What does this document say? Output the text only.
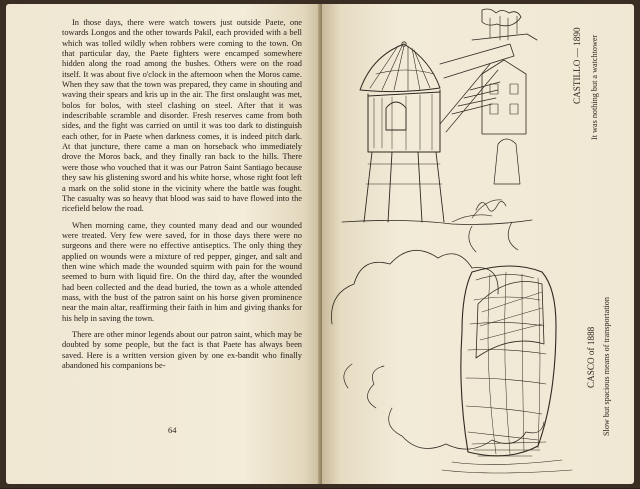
In those days, there were watch towers just outside Paete, one towards Longos and the other towards Pakil, each provided with a bell which was tolled wildly when robbers were coming to the town. On that particular day, the Paete fighters were encamped somewhere hidden along the road among the bushes. Others were on the road itself. It was about five o'clock in the afternoon when the Moros came. When they saw that the town was prepared, they came in shouting and waving their spears and kris up in the air. The first onslaught was met, bolos for bolos, with steel clashing on steel. After that it was indescribable scramble and disorder. Fresh reserves came from both sides, and the fight was carried on until it was too dark to distinguish each other, for in Paete when darkness comes, it is indeed pitch dark. At that juncture, there came a man on horseback who immediately drove the Moros back, and they finally ran back to the hills. There were those who vouched that it was our Patron Saint Santiago because they saw his glistening sword and his white horse, whose right foot left a mark on the solid stone in the vicinity where the battle was fought. The casualty was so heavy that blood was said to have flowed into the ricefield below the road.

When morning came, they counted many dead and our wounded were treated. Very few were saved, for in those days there were no surgeons and there were no effective antiseptics. The only thing they applied on wounds were a mixture of red pepper, ginger, and salt and then wine which made the wounded squirm with pain for the wound seemed to burn with liquid fire. On the third day, after the wounded had been collected and the dead buried, the town as a whole attended mass, with the bust of the patron saint on his horse given prominence near the main altar, reaffirming their faith in him and giving thanks for his help in saving the town.

There are other minor legends about our patron saint, which may be doubted by some people, but the fact is that Paete has always been saved. Here is a written version given by one ex-bandit who finally abandoned his companions be-

64
CASTILLO — 1890 It was nothing but a watchtower
CASCO of 1888 Slow but spacious means of transportation
